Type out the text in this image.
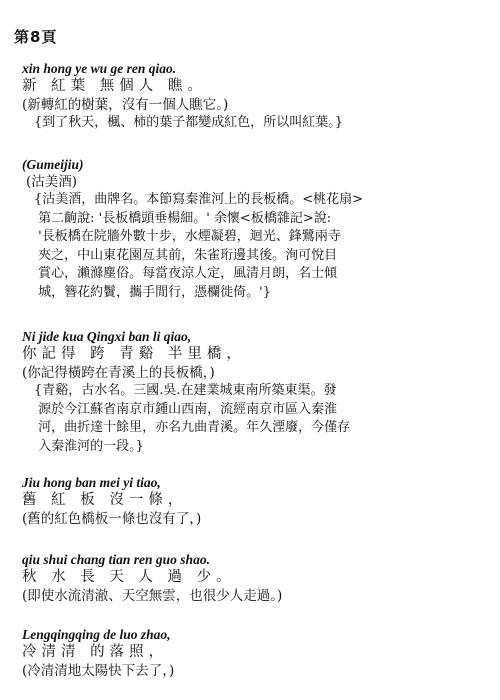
第8頁
xin hong ye wu ge ren qiao.
新 紅葉 無個人 瞧。
(新轉紅的樹葉，沒有一個人瞧它。)
{到了秋天，楓、柿的葉子都變成紅色，所以叫紅葉。}
(Gumeijiu)
(沽美酒)
{沽美酒，曲牌名。本節寫秦淮河上的長板橋。<桃花扇>
第二齣說: '長板橋頭垂楊細。' 余懷<板橋雜記>說:
'長板橋在院牆外數十步，水煙凝碧，迴光、鋒鷺兩寺
夾之，中山東花園亙其前，朱雀珩邊其後。洵可悅目
賞心，瀨滌塵俗。每當夜涼人定，風清月朗，名士傾
城，簪花約鬢，攜手閒行，憑欄徙倚。'}
Ni jide kua Qingxi ban li qiao,
你記得 跨 青谿 半里橋，
(你記得橫跨在青溪上的長板橋，)
{青谿，古水名。三國.吳.在建業城東南所築東渠。發
源於今江蘇省南京市鍾山西南，流經南京市區入秦淮
河，曲折達十餘里，亦名九曲青溪。年久湮廢，今僅存
入秦淮河的一段。}
Jiu hong ban mei yi tiao,
舊 紅 板 沒一條，
(舊的紅色橋板一條也沒有了，)
qiu shui chang tian ren guo shao.
秋 水 長 天 人 過 少。
(即使水流清澈、天空無雲，也很少人走過。)
Lengqingqing de luo zhao,
冷清清 的落照，
(冷清清地太陽快下去了，)
